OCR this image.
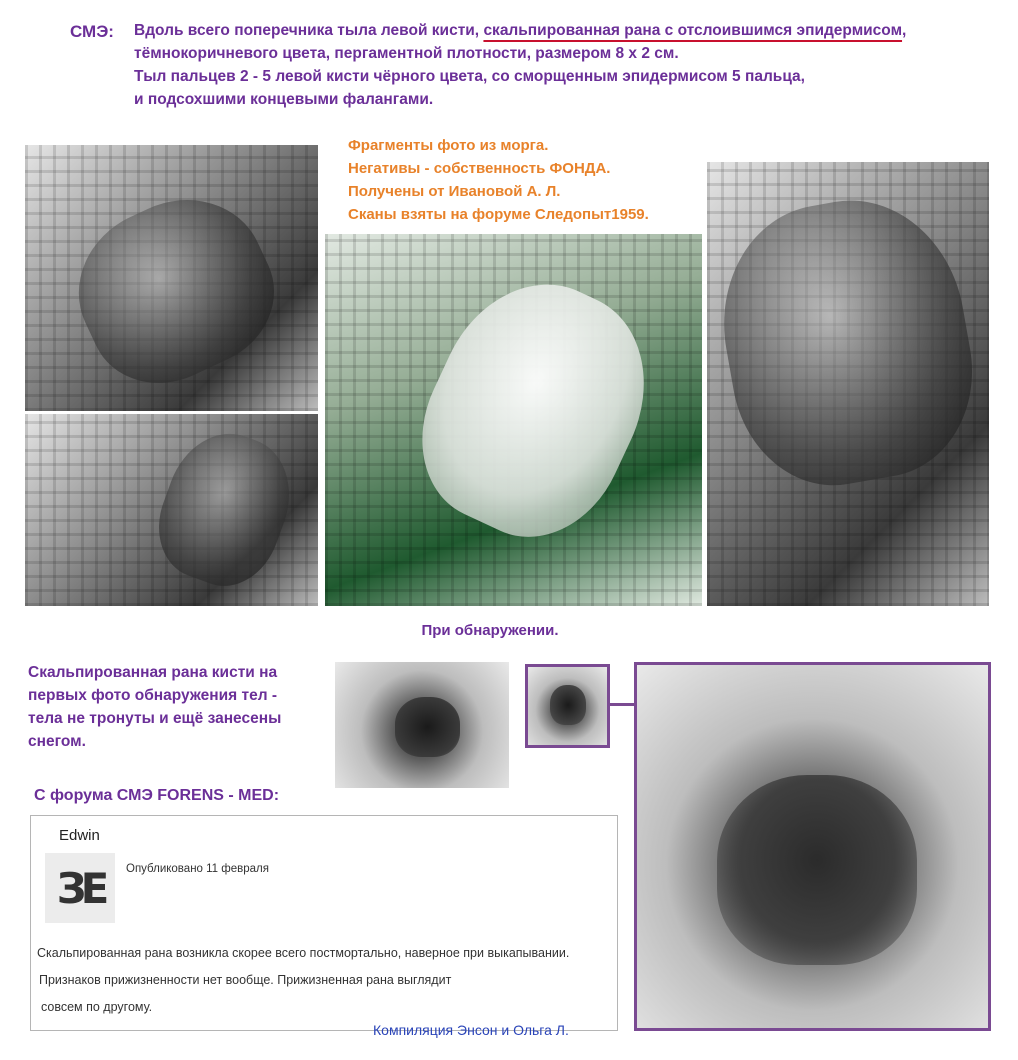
СМЭ: Вдоль всего поперечника тыла левой кисти, скальпированная рана с отслоившимся эпидермисом,
тёмнокоричневого цвета, пергаментной плотности, размером 8 х 2 см.
Тыл пальцев 2 - 5 левой кисти чёрного цвета, со сморщенным эпидермисом 5 пальца,
и подсохшими концевыми фалангами.
Фрагменты фото из морга.
Негативы - собственность ФОНДА.
Получены от Ивановой А. Л.
Сканы взяты на форуме Следопыт1959.
При обнаружении.
Скальпированная рана кисти на
первых фото обнаружения тел -
тела не тронуты и ещё занесены
снегом.
С форума СМЭ FORENS - MED:
Edwin
ЗЕ Опубликовано 11 февраля
Скальпированная рана возникла скорее всего постмортально, наверное при выкапывании.
Признаков прижизненности нет вообще. Прижизненная рана выглядит
совсем по другому.
Компиляция Энсон и Ольга Л.
